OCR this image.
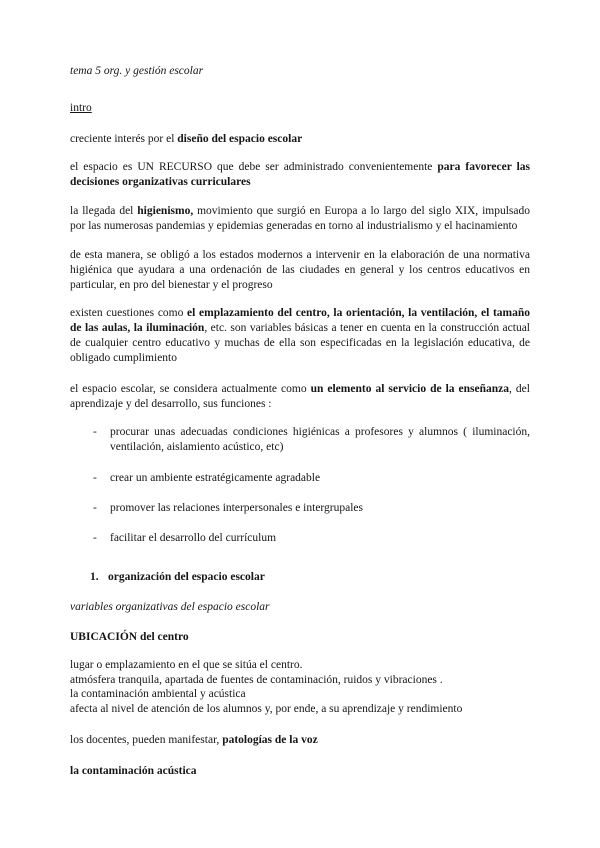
tema 5 org. y gestión escolar

intro

creciente interés por el diseño del espacio escolar

el espacio es UN RECURSO que debe ser administrado convenientemente para favorecer las decisiones organizativas curriculares

la llegada del higienismo, movimiento que surgió en Europa a lo largo del siglo XIX, impulsado por las numerosas pandemias y epidemias generadas en torno al industrialismo y el hacinamiento

de esta manera, se obligó a los estados modernos a intervenir en la elaboración de una normativa higiénica que ayudara a una ordenación de las ciudades en general y los centros educativos en particular, en pro del bienestar y el progreso

existen cuestiones como el emplazamiento del centro, la orientación, la ventilación, el tamaño de las aulas, la iluminación, etc. son variables básicas a tener en cuenta en la construcción actual de cualquier centro educativo y muchas de ella son especificadas en la legislación educativa, de obligado cumplimiento

el espacio escolar, se considera actualmente como un elemento al servicio de la enseñanza, del aprendizaje y del desarrollo, sus funciones :

-	procurar unas adecuadas condiciones higiénicas a profesores y alumnos ( iluminación, ventilación, aislamiento acústico, etc)
-	crear un ambiente estratégicamente agradable
-	promover las relaciones interpersonales e intergrupales
-	facilitar el desarrollo del currículum
1. organización del espacio escolar

variables organizativas del espacio escolar

UBICACIÓN del centro

lugar o emplazamiento en el que se sitúa el centro.
atmósfera tranquila, apartada de fuentes de contaminación, ruidos y vibraciones .
la contaminación ambiental y acústica
afecta al nivel de atención de los alumnos y, por ende, a su aprendizaje y rendimiento

los docentes, pueden manifestar, patologías de la voz

la contaminación acústica
